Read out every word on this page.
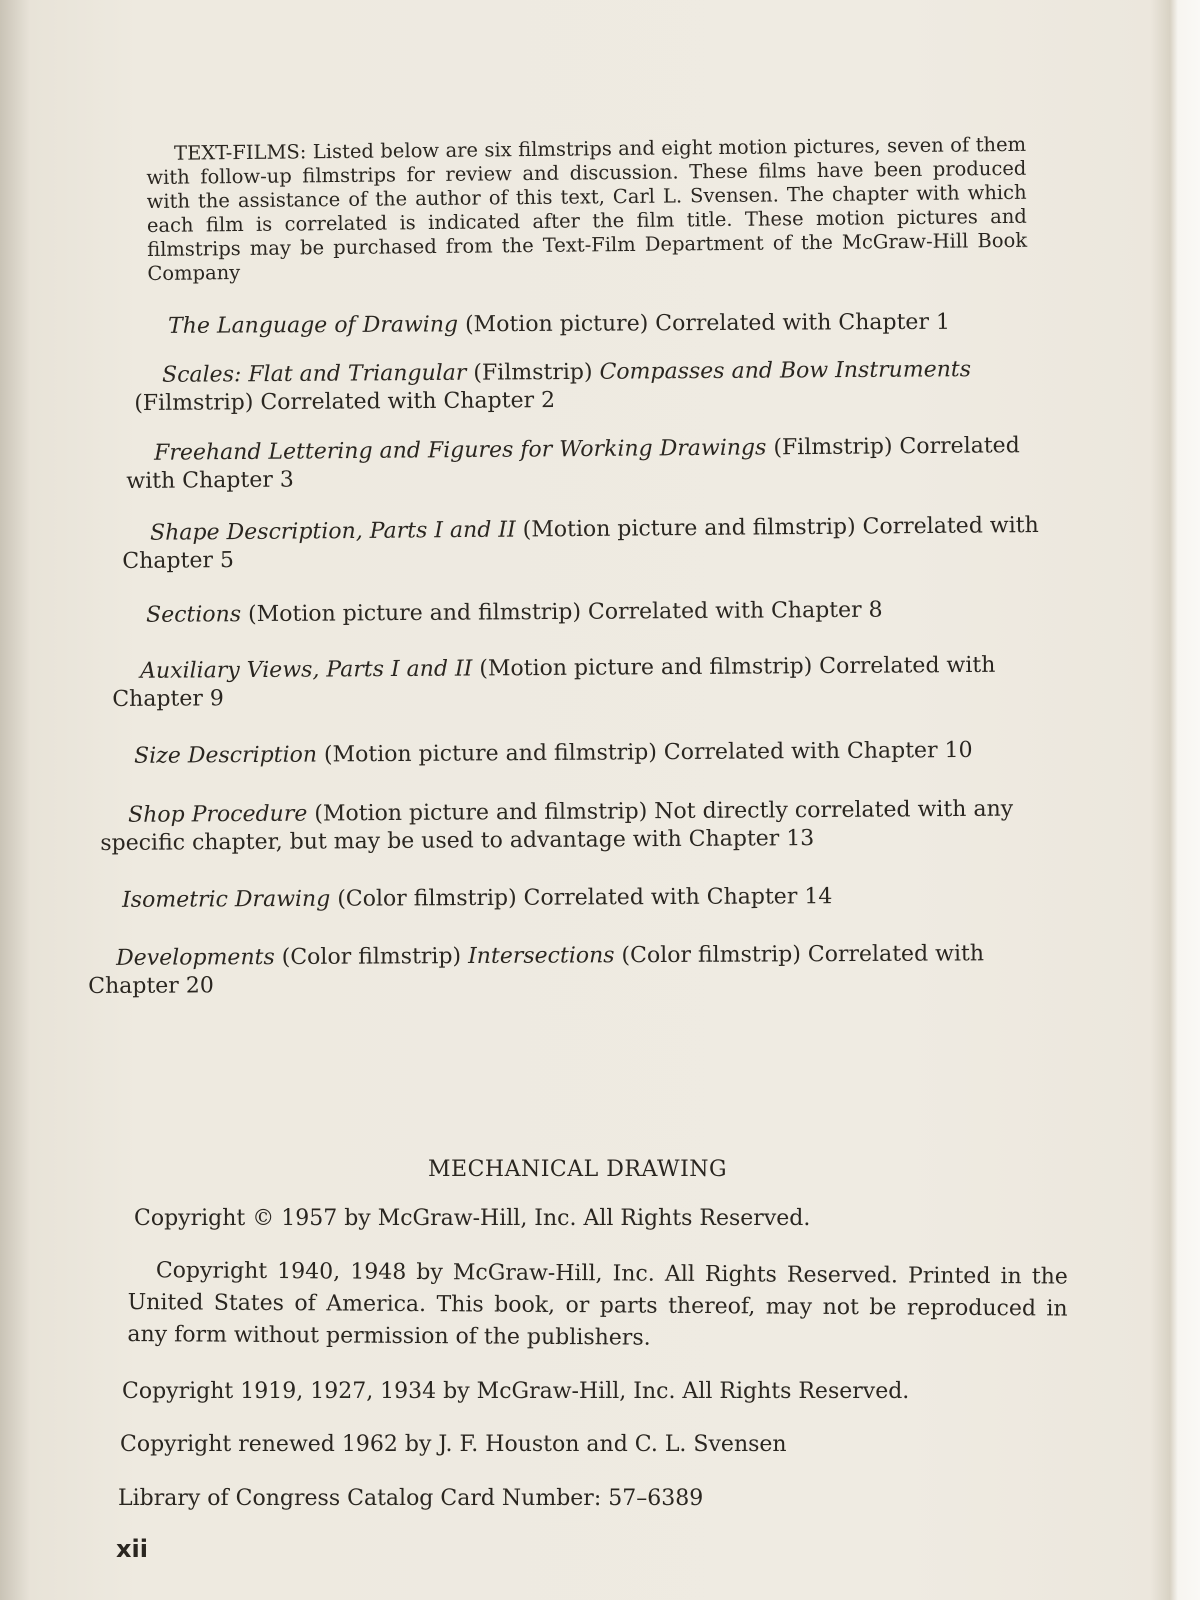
TEXT-FILMS: Listed below are six filmstrips and eight motion pictures, seven of them with follow-up filmstrips for review and discussion. These films have been produced with the assistance of the author of this text, Carl L. Svensen. The chapter with which each film is correlated is indicated after the film title. These motion pictures and filmstrips may be purchased from the Text-Film Department of the McGraw-Hill Book Company

The Language of Drawing (Motion picture) Correlated with Chapter 1
Scales: Flat and Triangular (Filmstrip) Compasses and Bow Instruments (Filmstrip) Correlated with Chapter 2
Freehand Lettering and Figures for Working Drawings (Filmstrip) Correlated with Chapter 3
Shape Description, Parts I and II (Motion picture and filmstrip) Correlated with Chapter 5
Sections (Motion picture and filmstrip) Correlated with Chapter 8
Auxiliary Views, Parts I and II (Motion picture and filmstrip) Correlated with Chapter 9
Size Description (Motion picture and filmstrip) Correlated with Chapter 10
Shop Procedure (Motion picture and filmstrip) Not directly correlated with any specific chapter, but may be used to advantage with Chapter 13
Isometric Drawing (Color filmstrip) Correlated with Chapter 14
Developments (Color filmstrip) Intersections (Color filmstrip) Correlated with Chapter 20
MECHANICAL DRAWING
Copyright © 1957 by McGraw-Hill, Inc. All Rights Reserved.
Copyright 1940, 1948 by McGraw-Hill, Inc. All Rights Reserved. Printed in the United States of America. This book, or parts thereof, may not be reproduced in any form without permission of the publishers.
Copyright 1919, 1927, 1934 by McGraw-Hill, Inc. All Rights Reserved.
Copyright renewed 1962 by J. F. Houston and C. L. Svensen
Library of Congress Catalog Card Number: 57–6389
xii
